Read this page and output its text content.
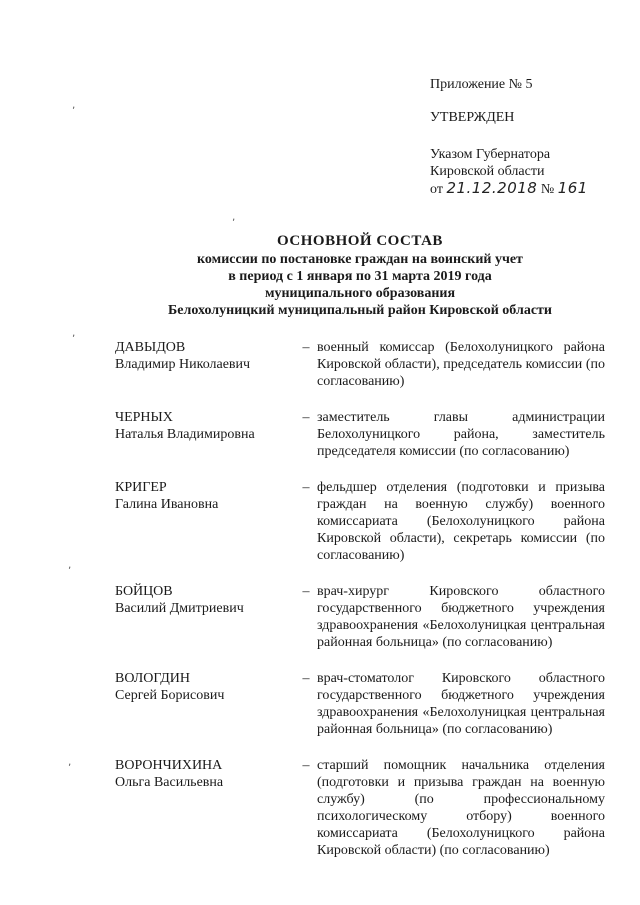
Приложение № 5
УТВЕРЖДЕН
Указом Губернатора
Кировской области
от 21.12.2018 № 161
ОСНОВНОЙ СОСТАВ
комиссии по постановке граждан на воинский учет
в период с 1 января по 31 марта 2019 года
муниципального образования
Белохолуницкий муниципальный район Кировской области
ДАВЫДОВ
Владимир Николаевич
– военный комиссар (Белохолуницкого района Кировской области), председатель комиссии (по согласованию)
ЧЕРНЫХ
Наталья Владимировна
– заместитель главы администрации Белохолуницкого района, заместитель председателя комиссии (по согласованию)
КРИГЕР
Галина Ивановна
– фельдшер отделения (подготовки и призыва граждан на военную службу) военного комиссариата (Белохолуницкого района Кировской области), секретарь комиссии (по согласованию)
БОЙЦОВ
Василий Дмитриевич
– врач-хирург Кировского областного государственного бюджетного учреждения здравоохранения «Белохолуницкая центральная районная больница» (по согласованию)
ВОЛОГДИН
Сергей Борисович
– врач-стоматолог Кировского областного государственного бюджетного учреждения здравоохранения «Белохолуницкая центральная районная больница» (по согласованию)
ВОРОНЧИХИНА
Ольга Васильевна
– старший помощник начальника отделения (подготовки и призыва граждан на военную службу) (по профессиональному психологическому отбору) военного комиссариата (Белохолуницкого района Кировской области) (по согласованию)
‚
‚
‚
‚
‚
